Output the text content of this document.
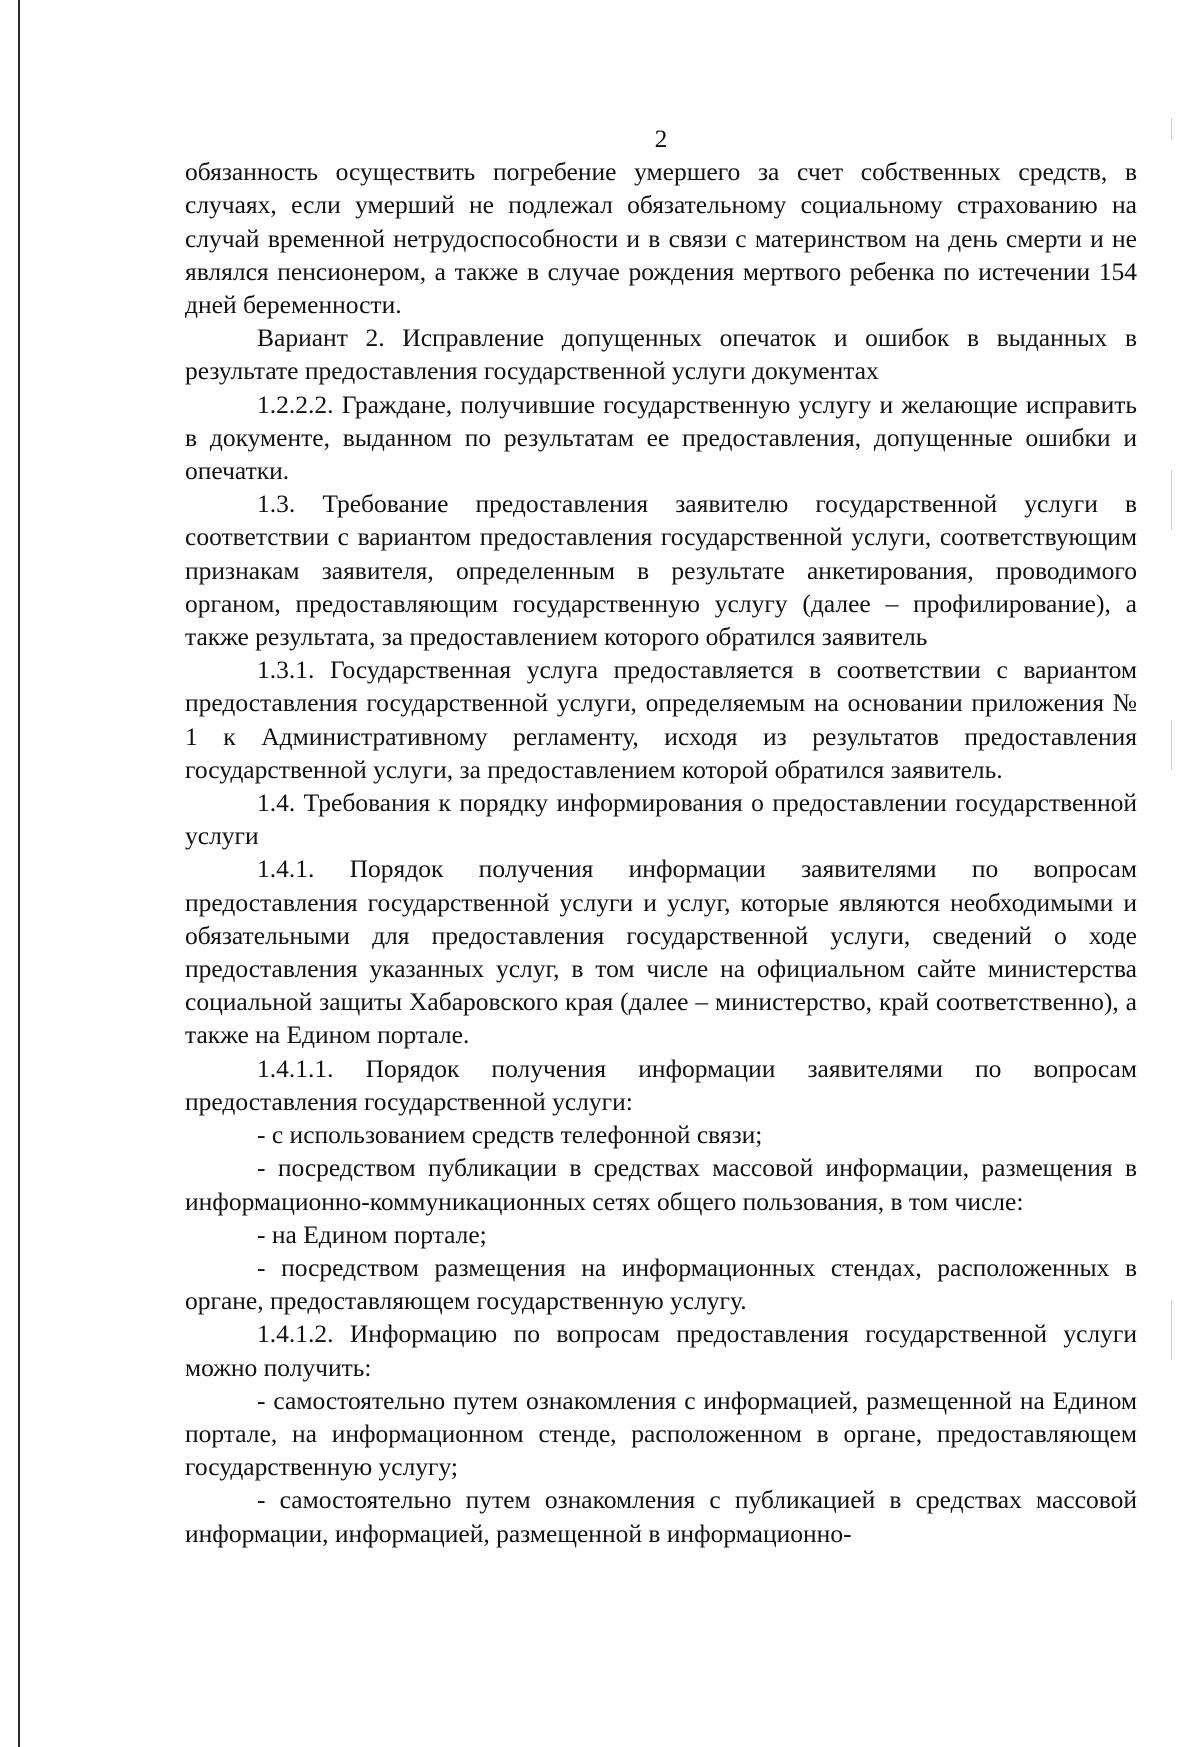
2

обязанность осуществить погребение умершего за счет собственных средств, в случаях, если умерший не подлежал обязательному социальному страхованию на случай временной нетрудоспособности и в связи с материнством на день смерти и не являлся пенсионером, а также в случае рождения мертвого ребенка по истечении 154 дней беременности.

Вариант 2. Исправление допущенных опечаток и ошибок в выданных в результате предоставления государственной услуги документах

1.2.2.2. Граждане, получившие государственную услугу и желающие исправить в документе, выданном по результатам ее предоставления, допущенные ошибки и опечатки.

1.3. Требование предоставления заявителю государственной услуги в соответствии с вариантом предоставления государственной услуги, соответствующим признакам заявителя, определенным в результате анкетирования, проводимого органом, предоставляющим государственную услугу (далее – профилирование), а также результата, за предоставлением которого обратился заявитель

1.3.1. Государственная услуга предоставляется в соответствии с вариантом предоставления государственной услуги, определяемым на основании приложения № 1 к Административному регламенту, исходя из результатов предоставления государственной услуги, за предоставлением которой обратился заявитель.

1.4. Требования к порядку информирования о предоставлении государственной услуги

1.4.1. Порядок получения информации заявителями по вопросам предоставления государственной услуги и услуг, которые являются необходимыми и обязательными для предоставления государственной услуги, сведений о ходе предоставления указанных услуг, в том числе на официальном сайте министерства социальной защиты Хабаровского края (далее – министерство, край соответственно), а также на Едином портале.

1.4.1.1. Порядок получения информации заявителями по вопросам предоставления государственной услуги:

- с использованием средств телефонной связи;

- посредством публикации в средствах массовой информации, размещения в информационно-коммуникационных сетях общего пользования, в том числе:

- на Едином портале;

- посредством размещения на информационных стендах, расположенных в органе, предоставляющем государственную услугу.

1.4.1.2. Информацию по вопросам предоставления государственной услуги можно получить:

- самостоятельно путем ознакомления с информацией, размещенной на Едином портале, на информационном стенде, расположенном в органе, предоставляющем государственную услугу;

- самостоятельно путем ознакомления с публикацией в средствах массовой информации, информацией, размещенной в информационно-
